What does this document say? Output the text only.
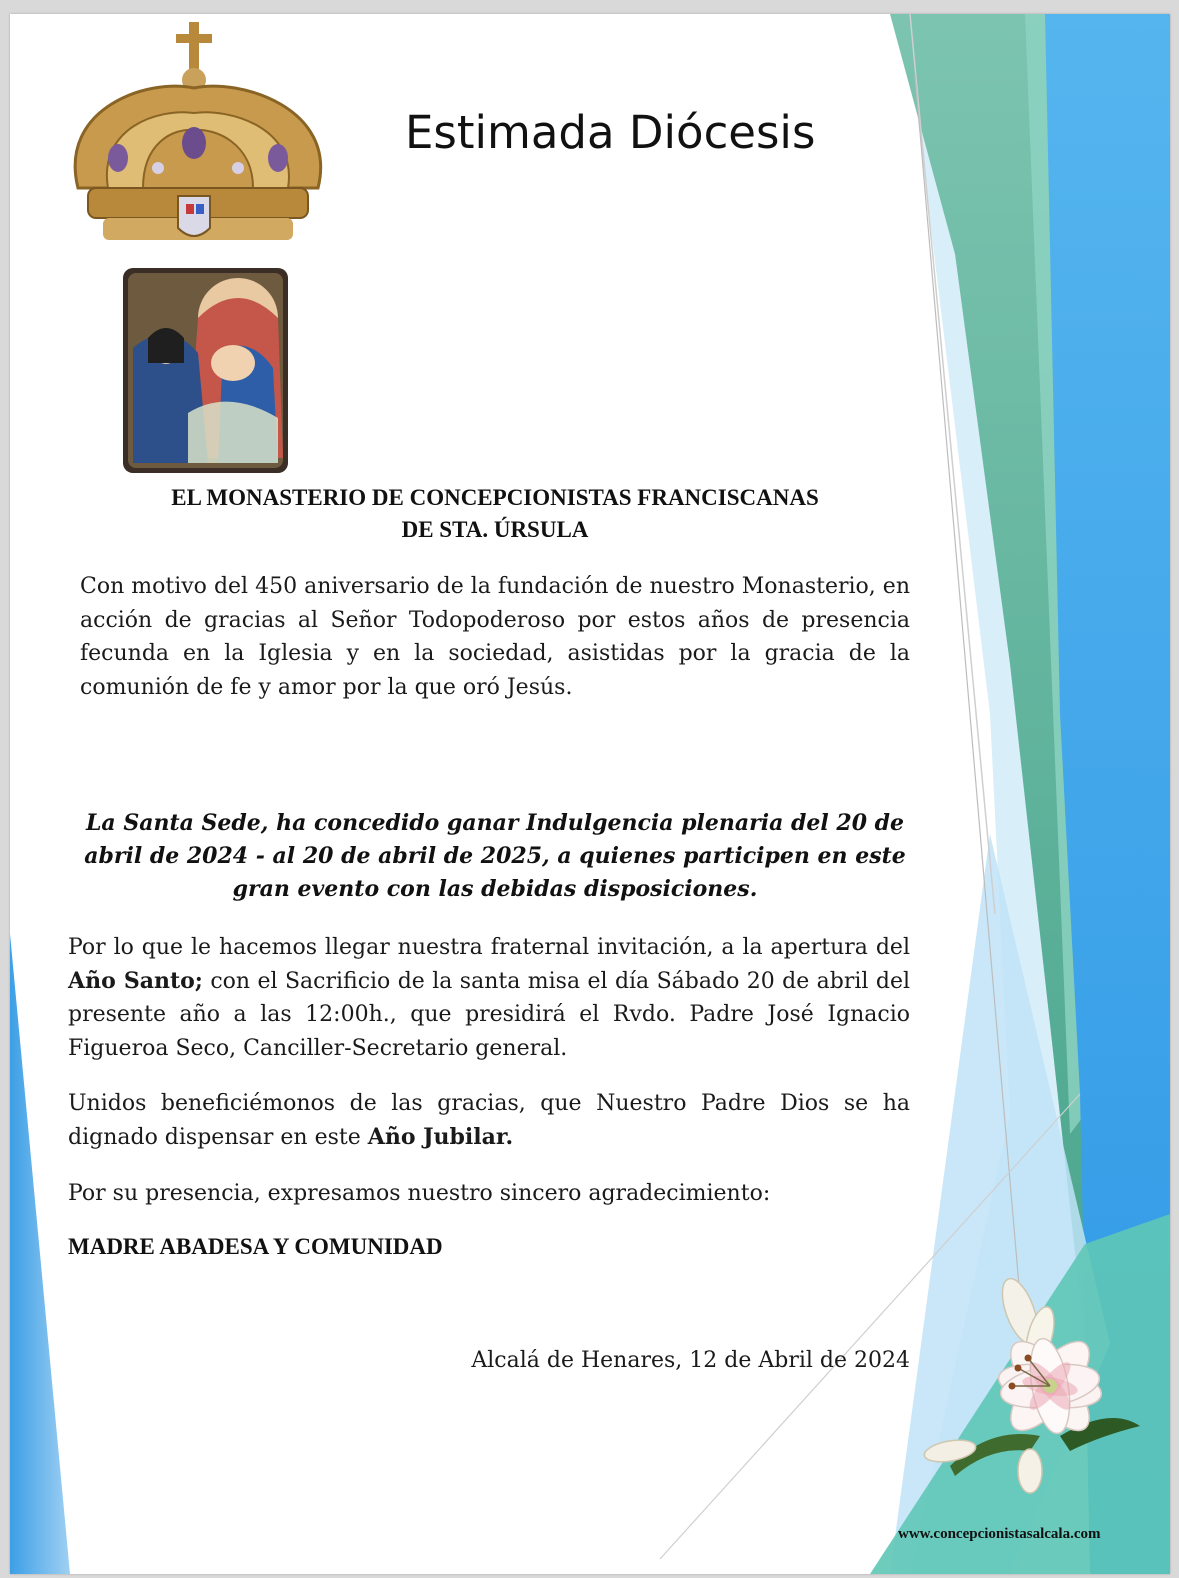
Estimada Diócesis
EL MONASTERIO DE CONCEPCIONISTAS FRANCISCANAS
DE STA. ÚRSULA
Con motivo del 450 aniversario de la fundación de nuestro Monasterio, en acción de gracias al Señor Todopoderoso por estos años de presencia fecunda en la Iglesia y en la sociedad, asistidas por la gracia de la comunión de fe y amor por la que oró Jesús.
La Santa Sede, ha concedido ganar Indulgencia plenaria del 20 de abril de 2024 - al 20 de abril de 2025, a quienes participen en este gran evento con las debidas disposiciones.
Por lo que le hacemos llegar nuestra fraternal invitación, a la apertura del Año Santo; con el Sacrificio de la santa misa el día Sábado 20 de abril del presente año a las 12:00h., que presidirá el Rvdo. Padre José Ignacio Figueroa Seco, Canciller-Secretario general.
Unidos beneficiémonos de las gracias, que Nuestro Padre Dios se ha dignado dispensar en este Año Jubilar.
Por su presencia, expresamos nuestro sincero agradecimiento:
MADRE ABADESA Y COMUNIDAD
Alcalá de Henares, 12 de Abril de 2024
www.concepcionistasalcala.com
